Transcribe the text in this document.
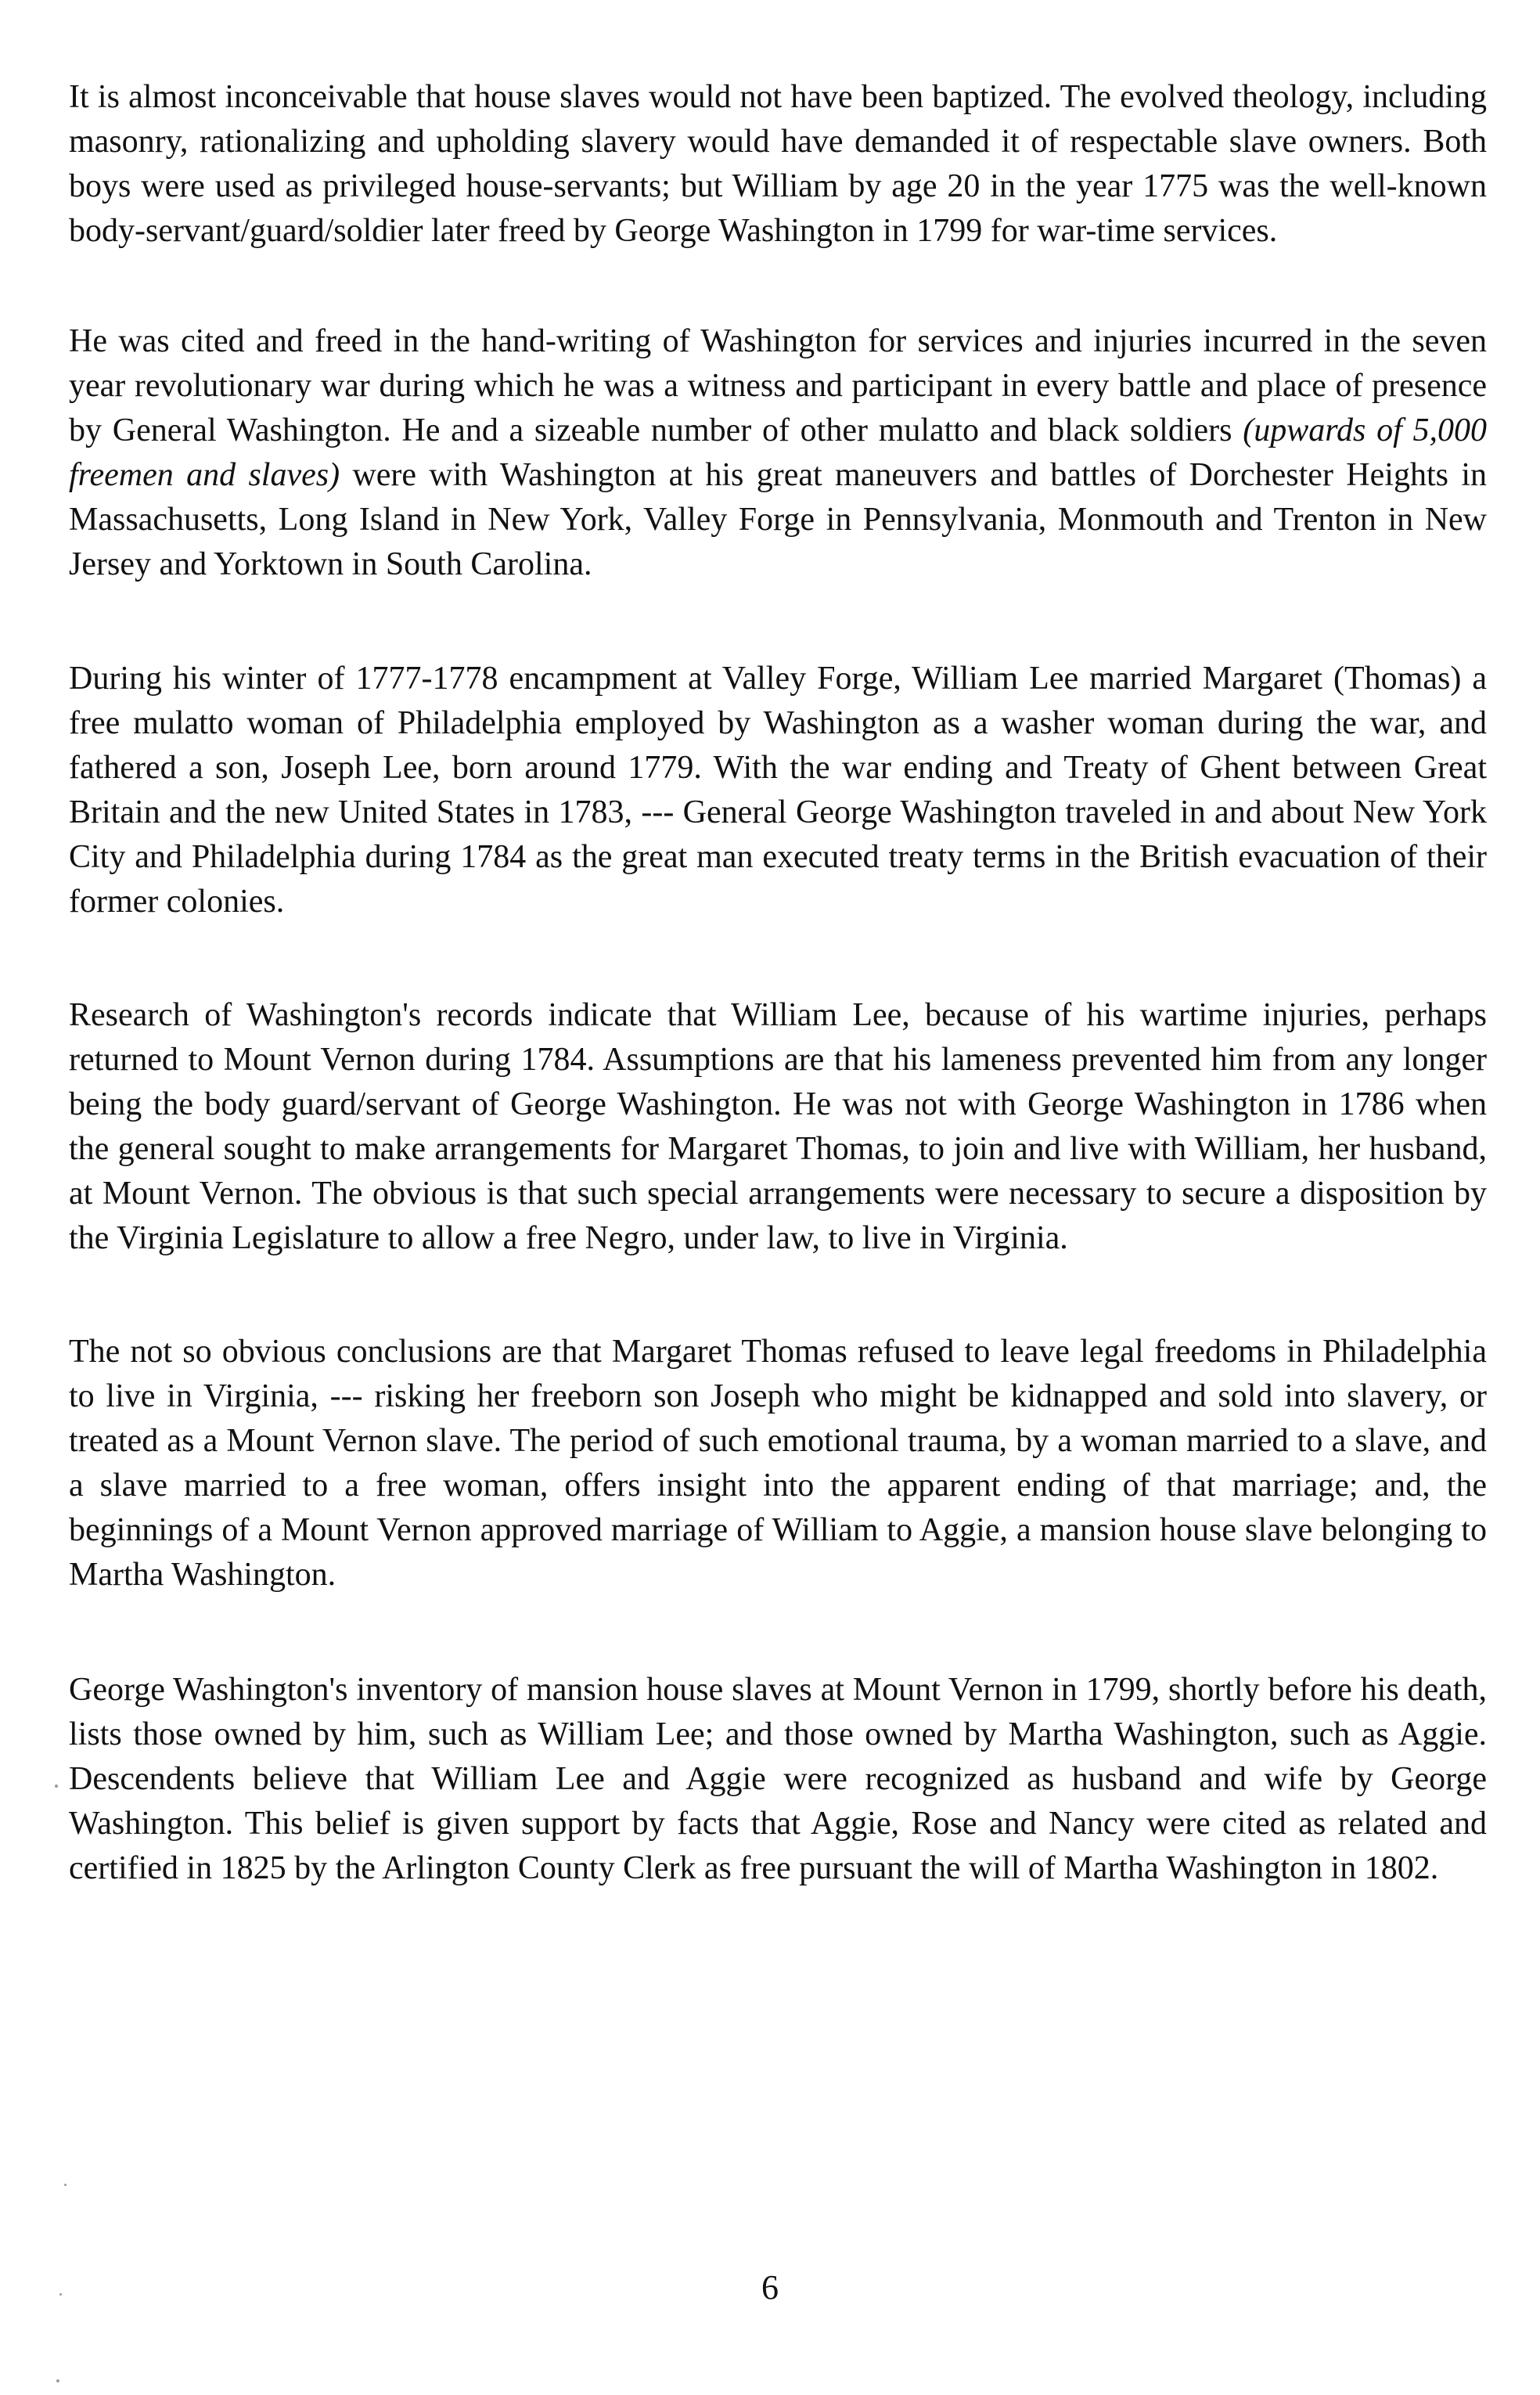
It is almost inconceivable that house slaves would not have been baptized. The evolved theology, including masonry, rationalizing and upholding slavery would have demanded it of respectable slave owners. Both boys were used as privileged house-servants; but William by age 20 in the year 1775 was the well-known body-servant/guard/soldier later freed by George Washington in 1799 for war-time services.

He was cited and freed in the hand-writing of Washington for services and injuries incurred in the seven year revolutionary war during which he was a witness and participant in every battle and place of presence by General Washington. He and a sizeable number of other mulatto and black soldiers (upwards of 5,000 freemen and slaves) were with Washington at his great maneuvers and battles of Dorchester Heights in Massachusetts, Long Island in New York, Valley Forge in Pennsylvania, Monmouth and Trenton in New Jersey and Yorktown in South Carolina.

During his winter of 1777-1778 encampment at Valley Forge, William Lee married Margaret (Thomas) a free mulatto woman of Philadelphia employed by Washington as a washer woman during the war, and fathered a son, Joseph Lee, born around 1779. With the war ending and Treaty of Ghent between Great Britain and the new United States in 1783, --- General George Washington traveled in and about New York City and Philadelphia during 1784 as the great man executed treaty terms in the British evacuation of their former colonies.

Research of Washington's records indicate that William Lee, because of his wartime injuries, perhaps returned to Mount Vernon during 1784. Assumptions are that his lameness prevented him from any longer being the body guard/servant of George Washington. He was not with George Washington in 1786 when the general sought to make arrangements for Margaret Thomas, to join and live with William, her husband, at Mount Vernon. The obvious is that such special arrangements were necessary to secure a disposition by the Virginia Legislature to allow a free Negro, under law, to live in Virginia.

The not so obvious conclusions are that Margaret Thomas refused to leave legal freedoms in Philadelphia to live in Virginia, --- risking her freeborn son Joseph who might be kidnapped and sold into slavery, or treated as a Mount Vernon slave. The period of such emotional trauma, by a woman married to a slave, and a slave married to a free woman, offers insight into the apparent ending of that marriage; and, the beginnings of a Mount Vernon approved marriage of William to Aggie, a mansion house slave belonging to Martha Washington.

George Washington's inventory of mansion house slaves at Mount Vernon in 1799, shortly before his death, lists those owned by him, such as William Lee; and those owned by Martha Washington, such as Aggie. Descendents believe that William Lee and Aggie were recognized as husband and wife by George Washington. This belief is given support by facts that Aggie, Rose and Nancy were cited as related and certified in 1825 by the Arlington County Clerk as free pursuant the will of Martha Washington in 1802.

6
